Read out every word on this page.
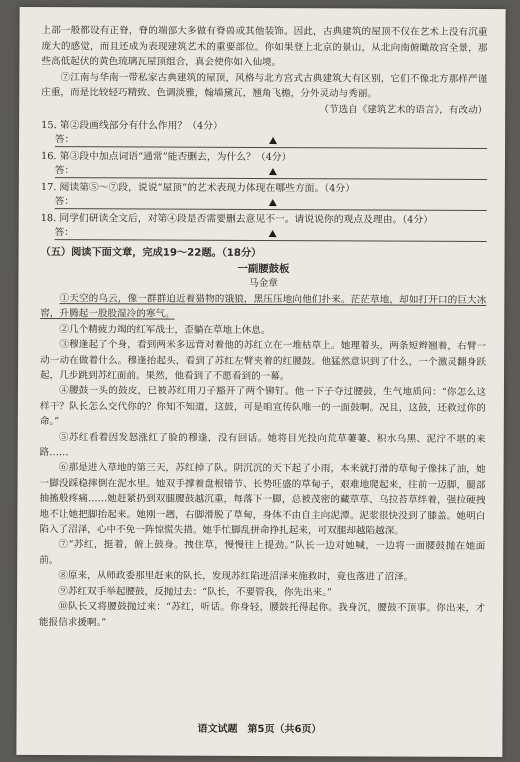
上部一般都设有正脊，脊的端部大多做有脊兽或其他装饰。因此，古典建筑的屋顶不仅在艺术上没有沉重庞大的感觉，而且还成为表现建筑艺术的重要部位。你如果登上北京的景山，从北向南俯瞰故宫全景，那些高低起伏的黄色琉璃瓦屋顶组合，真会使你如入仙境。

⑦江南与华南一带私家古典建筑的屋顶，风格与北方宫式古典建筑大有区别，它们不像北方那样严谨庄重，而是比较轻巧精致、色调淡雅，翰墙黛瓦，翘角飞檐，分外灵动与秀丽。

（节选自《建筑艺术的语言》，有改动）

15. 第②段画线部分有什么作用？（4分）
答：
16. 第③段中加点词语“通常”能否删去，为什么？（4分）
答：
17. 阅读第⑤～⑦段，说说“屋顶”的艺术表现力体现在哪些方面。（4分）
答：
18. 同学们研读全文后，对第④段是否需要删去意见不一。请说说你的观点及理由。（4分）
答：
（五）阅读下面文章，完成19～22题。（18分）
一副腰鼓板
马金章

①天空的乌云，像一群群迫近着猎物的饿狼，黑压压地向他们扑来。茫茫草地，却如打开口的巨大冰窖，升腾起一股股湿冷的寒气。

②几个精疲力竭的红军战士，歪躺在草地上休息。

③穆逢起了个身，看到两米多远背对着他的苏红立在一堆枯草上。她理着头，两条短辫翘着，右臂一动一动在做着什么。穆逢抬起头，看到了苏红左臂夹着的红腰鼓。他猛然意识到了什么，一个激灵翻身跃起，几步跳到苏红面前。果然，他看到了不愿看到的一幕。

④腰鼓一头的鼓皮，已被苏红用刀子豁开了两个铆钉。他一下子夺过腰鼓，生气地质问：“你怎么这样干？队长怎么交代你的？你知不知道，这鼓，可是咱宣传队唯一的一面鼓啊。况且，这鼓，还救过你的命。”

⑤苏红看着因发怒涨红了脸的穆逢，没有回话。她将目光投向荒草萋萋、积水乌黑、泥泞不堪的来路……

⑥那是进入草地的第三天，苏红掉了队。阴沉沉的天下起了小雨，本来就打滑的草甸子像抹了油，她一脚没踩稳摔倒在泥水里。她双手撑着盘根错节、长势旺盛的草甸子，艰难地爬起来，往前一迈脚，腿部抽搐般疼痛……她赶紧扔到双腿腰鼓越沉重，每落下一脚，总被茂密的藏草草、乌拉苔草绊着，强拉硬拽地不让她把脚抬起来。她刚一趔，右脚滑脱了草甸，身体不由自主向泥潭。泥浆很快没到了膝盖。她明白陷入了沼泽，心中不免一阵惊慌失措。她手忙脚乱拼命挣扎起来，可双腿却越陷越深。

⑦“苏红，挺着，俯上鼓身。拽住草，慢慢往上提劲。”队长一边对她喊，一边将一面腰鼓抛在她面前。

⑧原来，从师政委那里赶来的队长，发现苏红陷进沼泽来施救时，竟也落进了沼泽。

⑨苏红双手举起腰鼓，反抛过去：“队长，不要管我，你先出来。”

⑩队长又将腰鼓抛过来：“苏红，听话。你身轻，腰鼓托得起你。我身沉，腰鼓不顶事。你出来，才能报信求援啊。”

语文试题　第5页（共6页）
